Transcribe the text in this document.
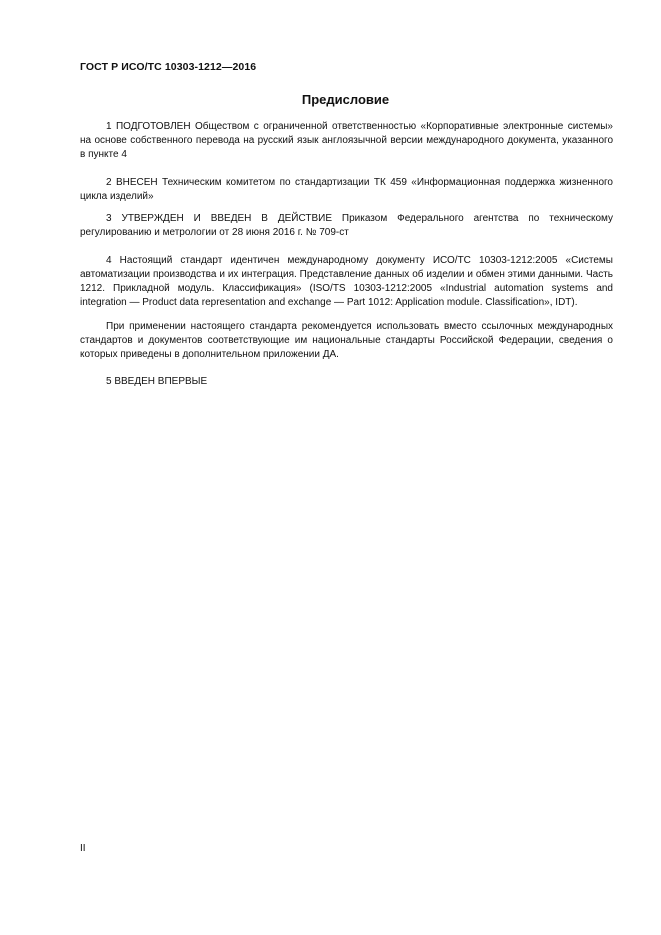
ГОСТ Р ИСО/ТС 10303-1212—2016
Предисловие

1 ПОДГОТОВЛЕН Обществом с ограниченной ответственностью «Корпоративные электронные системы» на основе собственного перевода на русский язык англоязычной версии международного документа, указанного в пункте 4

2 ВНЕСЕН Техническим комитетом по стандартизации ТК 459 «Информационная поддержка жизненного цикла изделий»

3 УТВЕРЖДЕН И ВВЕДЕН В ДЕЙСТВИЕ Приказом Федерального агентства по техническому регулированию и метрологии от 28 июня 2016 г. № 709-ст

4 Настоящий стандарт идентичен международному документу ИСО/ТС 10303-1212:2005 «Системы автоматизации производства и их интеграция. Представление данных об изделии и обмен этими данными. Часть 1212. Прикладной модуль. Классификация» (ISO/TS 10303-1212:2005 «Industrial automation systems and integration — Product data representation and exchange — Part 1012: Application module. Classification», IDT).

При применении настоящего стандарта рекомендуется использовать вместо ссылочных международных стандартов и документов соответствующие им национальные стандарты Российской Федерации, сведения о которых приведены в дополнительном приложении ДА.

5 ВВЕДЕН ВПЕРВЫЕ

II
